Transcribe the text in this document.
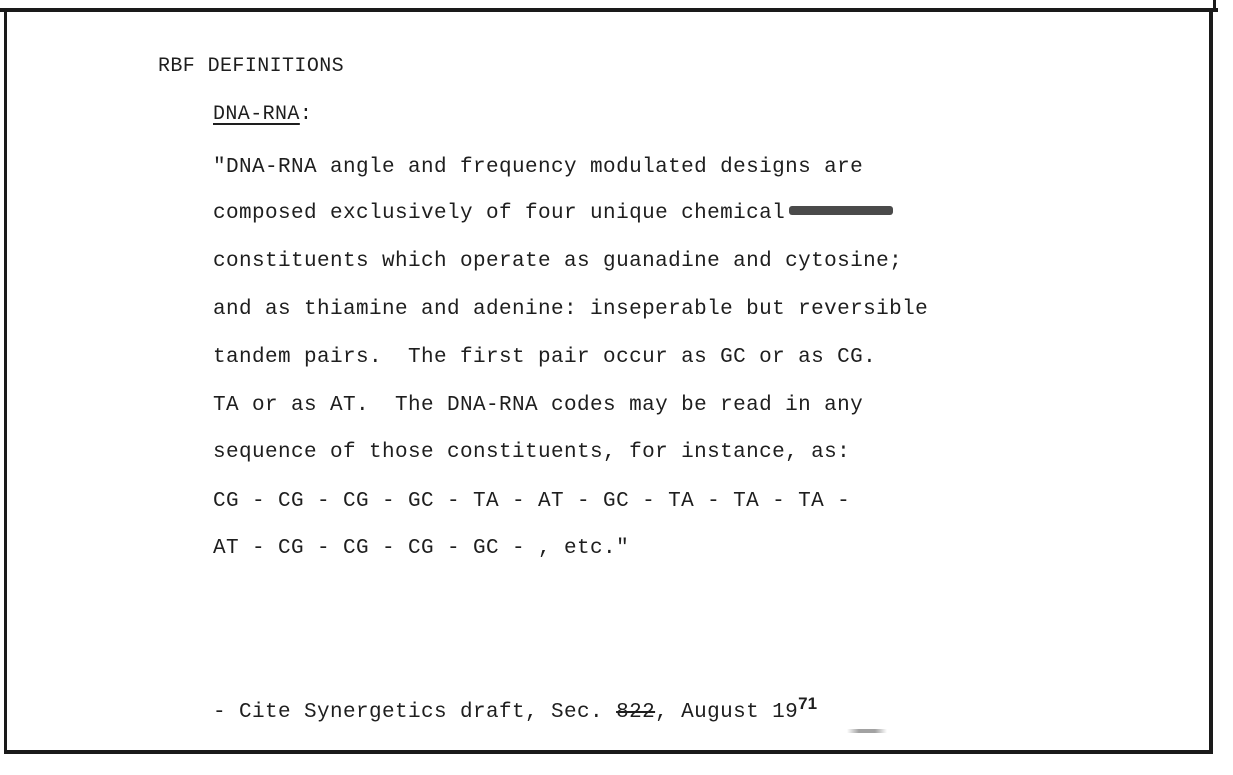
RBF DEFINITIONS
DNA-RNA:
"DNA-RNA angle and frequency modulated designs are
composed exclusively of four unique chemical
constituents which operate as guanadine and cytosine;
and as thiamine and adenine: inseperable but reversible
tandem pairs.  The first pair occur as GC or as CG.
TA or as AT.  The DNA-RNA codes may be read in any
sequence of those constituents, for instance, as:
CG - CG - CG - GC - TA - AT - GC - TA - TA - TA -
AT - CG - CG - CG - GC - , etc."
- Cite Synergetics draft, Sec. 822, August $19^{71}$
